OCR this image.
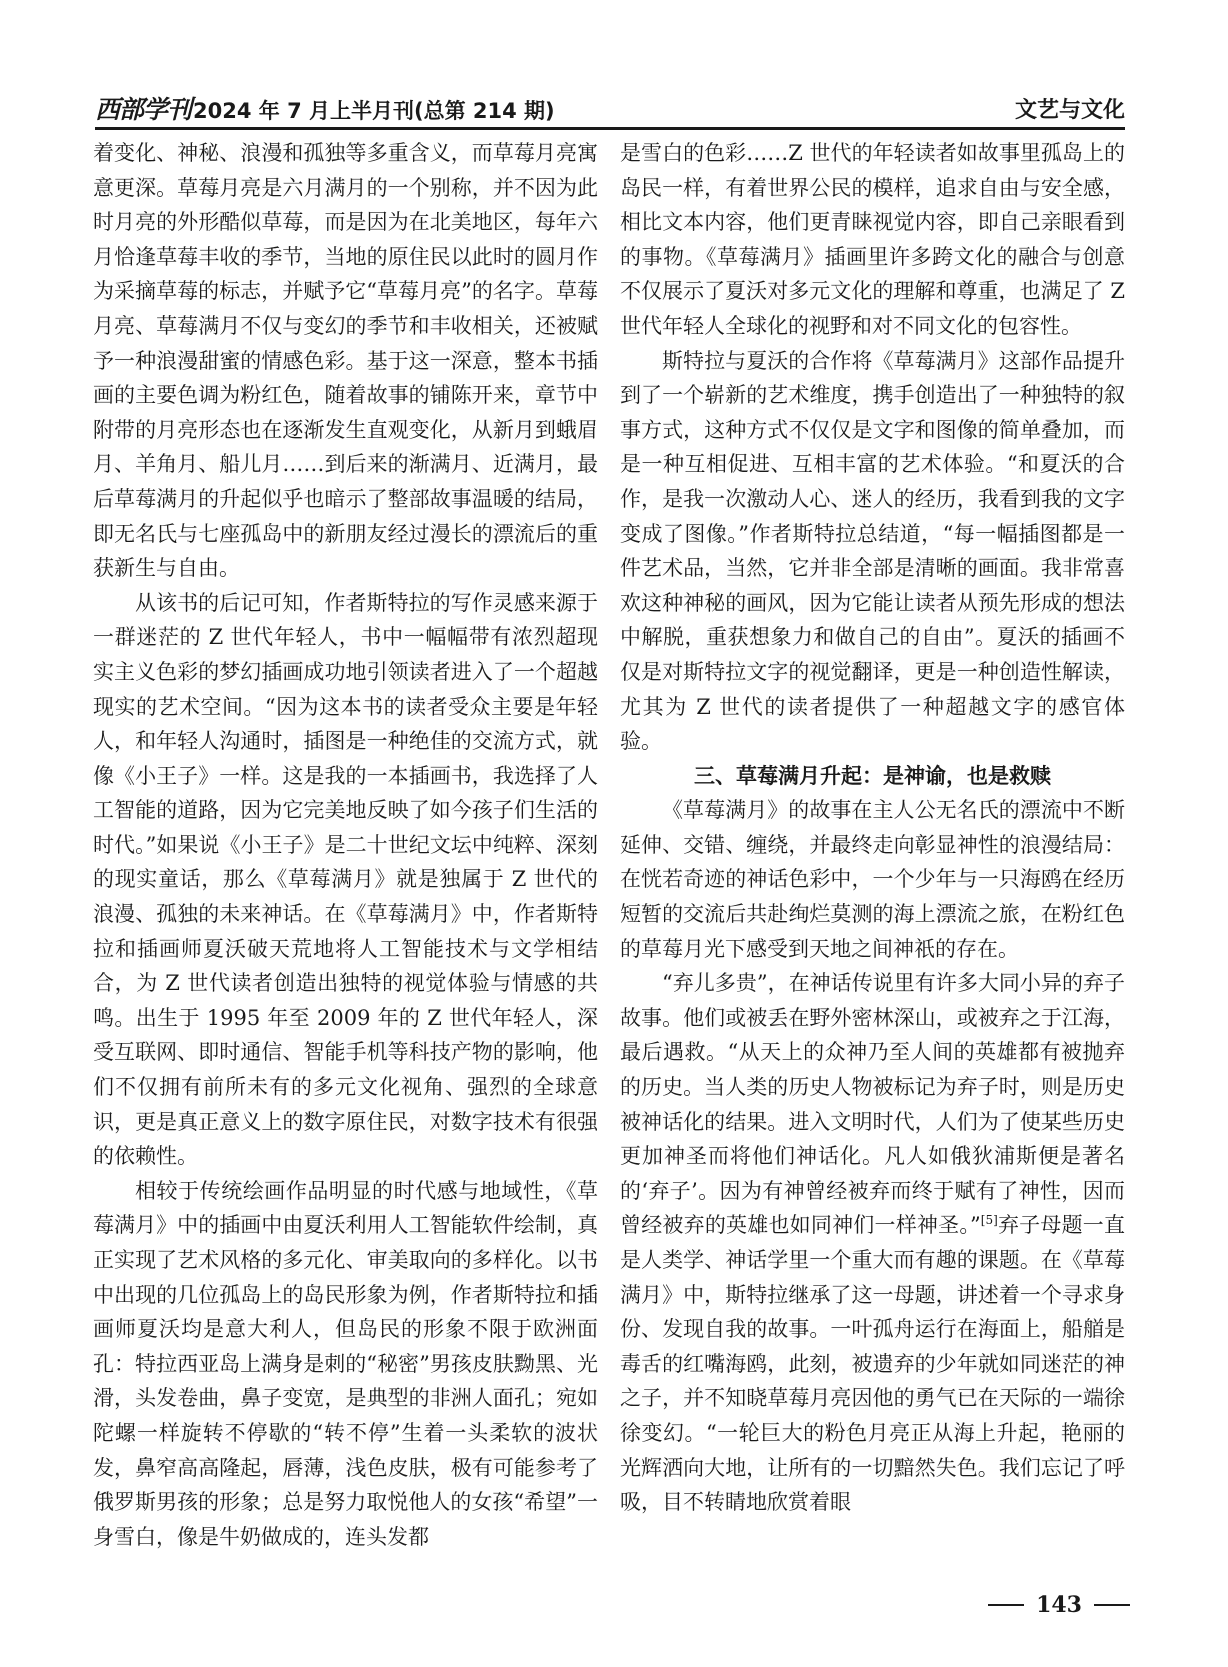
西部学刊 2024 年 7 月上半月刊(总第 214 期)	文艺与文化

着变化、神秘、浪漫和孤独等多重含义，而草莓月亮寓意更深。草莓月亮是六月满月的一个别称，并不因为此时月亮的外形酷似草莓，而是因为在北美地区，每年六月恰逢草莓丰收的季节，当地的原住民以此时的圆月作为采摘草莓的标志，并赋予它“草莓月亮”的名字。草莓月亮、草莓满月不仅与变幻的季节和丰收相关，还被赋予一种浪漫甜蜜的情感色彩。基于这一深意，整本书插画的主要色调为粉红色，随着故事的铺陈开来，章节中附带的月亮形态也在逐渐发生直观变化，从新月到蛾眉月、羊角月、船儿月……到后来的渐满月、近满月，最后草莓满月的升起似乎也暗示了整部故事温暖的结局，即无名氏与七座孤岛中的新朋友经过漫长的漂流后的重获新生与自由。

从该书的后记可知，作者斯特拉的写作灵感来源于一群迷茫的 Z 世代年轻人，书中一幅幅带有浓烈超现实主义色彩的梦幻插画成功地引领读者进入了一个超越现实的艺术空间。“因为这本书的读者受众主要是年轻人，和年轻人沟通时，插图是一种绝佳的交流方式，就像《小王子》一样。这是我的一本插画书，我选择了人工智能的道路，因为它完美地反映了如今孩子们生活的时代。”如果说《小王子》是二十世纪文坛中纯粹、深刻的现实童话，那么《草莓满月》就是独属于 Z 世代的浪漫、孤独的未来神话。在《草莓满月》中，作者斯特拉和插画师夏沃破天荒地将人工智能技术与文学相结合，为 Z 世代读者创造出独特的视觉体验与情感的共鸣。出生于 1995 年至 2009 年的 Z 世代年轻人，深受互联网、即时通信、智能手机等科技产物的影响，他们不仅拥有前所未有的多元文化视角、强烈的全球意识，更是真正意义上的数字原住民，对数字技术有很强的依赖性。

相较于传统绘画作品明显的时代感与地域性，《草莓满月》中的插画中由夏沃利用人工智能软件绘制，真正实现了艺术风格的多元化、审美取向的多样化。以书中出现的几位孤岛上的岛民形象为例，作者斯特拉和插画师夏沃均是意大利人，但岛民的形象不限于欧洲面孔：特拉西亚岛上满身是刺的“秘密”男孩皮肤黝黑、光滑，头发卷曲，鼻子变宽，是典型的非洲人面孔；宛如陀螺一样旋转不停歇的“转不停”生着一头柔软的波状发，鼻窄高高隆起，唇薄，浅色皮肤，极有可能参考了俄罗斯男孩的形象；总是努力取悦他人的女孩“希望”一身雪白，像是牛奶做成的，连头发都

是雪白的色彩……Z 世代的年轻读者如故事里孤岛上的岛民一样，有着世界公民的模样，追求自由与安全感，相比文本内容，他们更青睐视觉内容，即自己亲眼看到的事物。《草莓满月》插画里许多跨文化的融合与创意不仅展示了夏沃对多元文化的理解和尊重，也满足了 Z 世代年轻人全球化的视野和对不同文化的包容性。

斯特拉与夏沃的合作将《草莓满月》这部作品提升到了一个崭新的艺术维度，携手创造出了一种独特的叙事方式，这种方式不仅仅是文字和图像的简单叠加，而是一种互相促进、互相丰富的艺术体验。“和夏沃的合作，是我一次激动人心、迷人的经历，我看到我的文字变成了图像。”作者斯特拉总结道，“每一幅插图都是一件艺术品，当然，它并非全部是清晰的画面。我非常喜欢这种神秘的画风，因为它能让读者从预先形成的想法中解脱，重获想象力和做自己的自由”。夏沃的插画不仅是对斯特拉文字的视觉翻译，更是一种创造性解读，尤其为 Z 世代的读者提供了一种超越文字的感官体验。

三、草莓满月升起：是神谕，也是救赎

《草莓满月》的故事在主人公无名氏的漂流中不断延伸、交错、缠绕，并最终走向彰显神性的浪漫结局：在恍若奇迹的神话色彩中，一个少年与一只海鸥在经历短暂的交流后共赴绚烂莫测的海上漂流之旅，在粉红色的草莓月光下感受到天地之间神祇的存在。

“弃儿多贵”，在神话传说里有许多大同小异的弃子故事。他们或被丢在野外密林深山，或被弃之于江海，最后遇救。“从天上的众神乃至人间的英雄都有被抛弃的历史。当人类的历史人物被标记为弃子时，则是历史被神话化的结果。进入文明时代，人们为了使某些历史更加神圣而将他们神话化。凡人如俄狄浦斯便是著名的‘弃子’。因为有神曾经被弃而终于赋有了神性，因而曾经被弃的英雄也如同神们一样神圣。”[5]弃子母题一直是人类学、神话学里一个重大而有趣的课题。在《草莓满月》中，斯特拉继承了这一母题，讲述着一个寻求身份、发现自我的故事。一叶孤舟运行在海面上，船艏是毒舌的红嘴海鸥，此刻，被遗弃的少年就如同迷茫的神之子，并不知晓草莓月亮因他的勇气已在天际的一端徐徐变幻。“一轮巨大的粉色月亮正从海上升起，艳丽的光辉洒向大地，让所有的一切黯然失色。我们忘记了呼吸，目不转睛地欣赏着眼

143
